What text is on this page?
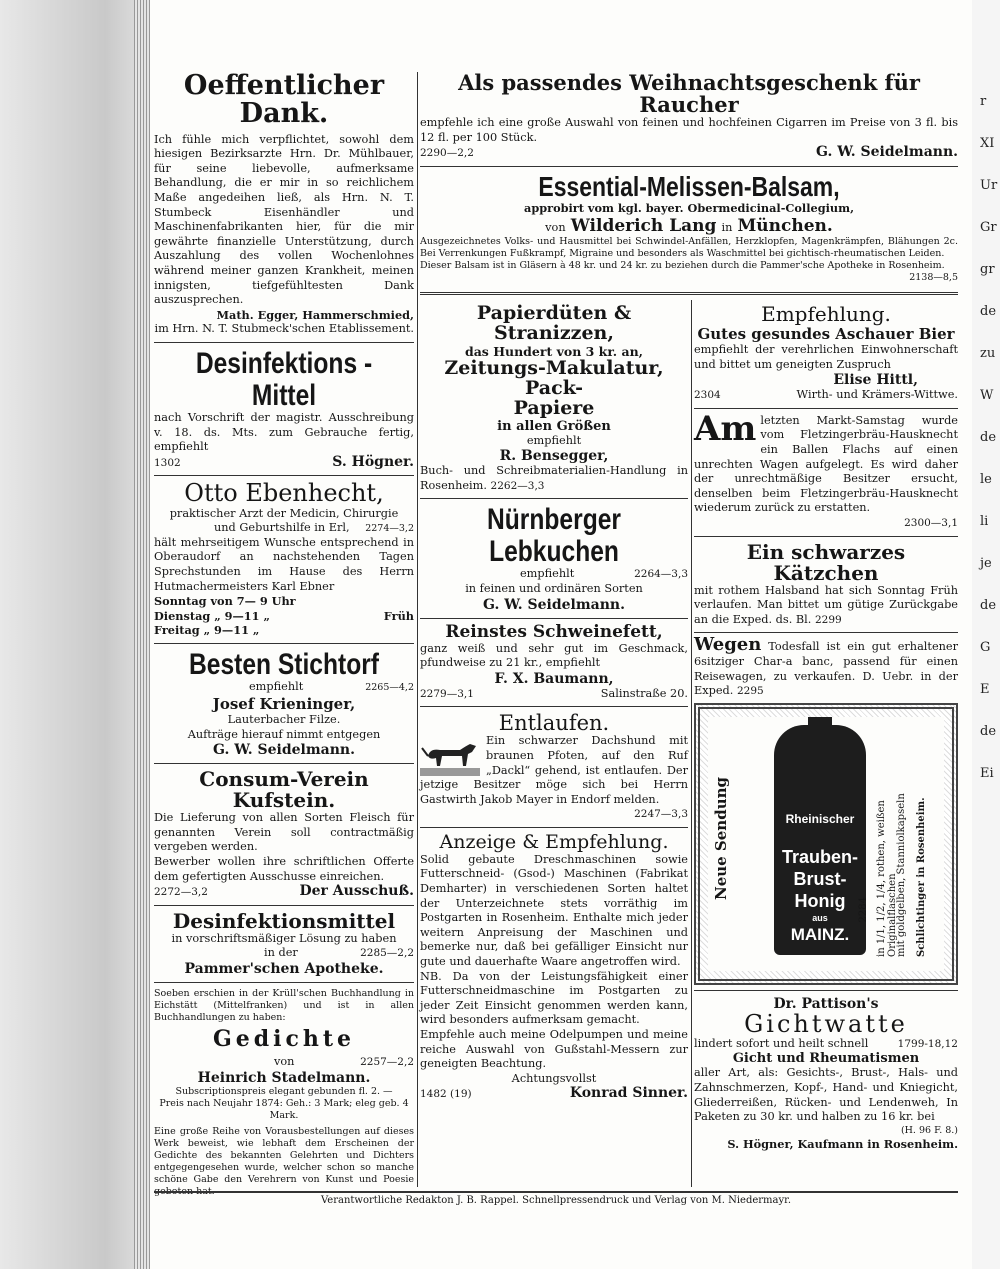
r
XI
Ur
Gr
gr
de
zu
W
de
le
li
je
de
G
E
de
Ei
Oeffentlicher Dank.
Ich fühle mich verpflichtet, sowohl dem hiesigen Bezirksarzte Hrn. Dr. Mühlbauer, für seine liebevolle, aufmerksame Behandlung, die er mir in so reichlichem Maße angedeihen ließ, als Hrn. N. T. Stumbeck Eisenhändler und Maschinenfabrikanten hier, für die mir gewährte finanzielle Unterstützung, durch Auszahlung des vollen Wochenlohnes während meiner ganzen Krankheit, meinen innigsten, tiefgefühltesten Dank auszusprechen.
Math. Egger, Hammerschmied,
im Hrn. N. T. Stubmeck'schen Etablissement.
Desinfektions - Mittel
nach Vorschrift der magistr. Ausschreibung v. 18. ds. Mts. zum Gebrauche fertig, empfiehlt
1302	S. Högner.
Otto Ebenhecht,
praktischer Arzt der Medicin, Chirurgie
und Geburtshilfe in Erl, 2274—3,2
hält mehrseitigem Wunsche entsprechend in Oberaudorf an nachstehenden Tagen Sprechstunden im Hause des Herrn Hutmachermeisters Karl Ebner
Sonntag von 7— 9 Uhr
Dienstag „ 9—11 „	Früh
Freitag „ 9—11 „
Besten Stichtorf
empfiehlt	2265—4,2
Josef Krieninger,
Lauterbacher Filze.
Aufträge hierauf nimmt entgegen
G. W. Seidelmann.
Consum-Verein Kufstein.
Die Lieferung von allen Sorten Fleisch für genannten Verein soll contractmäßig vergeben werden.
Bewerber wollen ihre schriftlichen Offerte dem gefertigten Ausschusse einreichen.
2272—3,2	Der Ausschuß.
Desinfektionsmittel
in vorschriftsmäßiger Lösung zu haben
in der	2285—2,2
Pammer'schen Apotheke.
Soeben erschien in der Krüll'schen Buchhandlung in Eichstätt (Mittelfranken) und ist in allen Buchhandlungen zu haben:
Gedichte
von	2257—2,2
Heinrich Stadelmann.
Subscriptionspreis elegant gebunden fl. 2. —
Preis nach Neujahr 1874: Geh.: 3 Mark; eleg geb. 4 Mark.
Eine große Reihe von Vorausbestellungen auf dieses Werk beweist, wie lebhaft dem Erscheinen der Gedichte des bekannten Gelehrten und Dichters entgegengesehen wurde, welcher schon so manche schöne Gabe den Verehrern von Kunst und Poesie geboten hat.
Als passendes Weihnachtsgeschenk für Raucher
empfehle ich eine große Auswahl von feinen und hochfeinen Cigarren im Preise von 3 fl. bis 12 fl. per 100 Stück.
2290—2,2	G. W. Seidelmann.
Essential-Melissen-Balsam,
approbirt vom kgl. bayer. Obermedicinal-Collegium,
von Wilderich Lang in München.
Ausgezeichnetes Volks- und Hausmittel bei Schwindel-Anfällen, Herzklopfen, Magenkrämpfen, Blähungen 2c. Bei Verrenkungen Fußkrampf, Migraine und besonders als Waschmittel bei gichtisch-rheumatischen Leiden.
Dieser Balsam ist in Gläsern à 48 kr. und 24 kr. zu beziehen durch die Pammer'sche Apotheke in Rosenheim.
2138—8,5
Papierdüten & Stranizzen,
das Hundert von 3 kr. an,
Zeitungs-Makulatur, Pack-
Papiere
in allen Größen
empfiehlt
R. Bensegger,
Buch- und Schreibmaterialien-Handlung in Rosenheim. 2262—3,3
Nürnberger Lebkuchen
empfiehlt	2264—3,3
in feinen und ordinären Sorten
G. W. Seidelmann.
Reinstes Schweinefett,
ganz weiß und sehr gut im Geschmack, pfundweise zu 21 kr., empfiehlt
F. X. Baumann,
2279—3,1	Salinstraße 20.
Entlaufen.
Ein schwarzer Dachshund mit braunen Pfoten, auf den Ruf „Dackl“ gehend, ist entlaufen. Der jetzige Besitzer möge sich bei Herrn Gastwirth Jakob Mayer in Endorf melden.
2247—3,3
Anzeige & Empfehlung.
Solid gebaute Dreschmaschinen sowie Futterschneid- (Gsod-) Maschinen (Fabrikat Demharter) in verschiedenen Sorten haltet der Unterzeichnete stets vorräthig im Postgarten in Rosenheim. Enthalte mich jeder weitern Anpreisung der Maschinen und bemerke nur, daß bei gefälliger Einsicht nur gute und dauerhafte Waare angetroffen wird.
NB. Da von der Leistungsfähigkeit einer Futterschneidmaschine im Postgarten zu jeder Zeit Einsicht genommen werden kann, wird besonders aufmerksam gemacht.
Empfehle auch meine Odelpumpen und meine reiche Auswahl von Gußstahl-Messern zur geneigten Beachtung.
Achtungsvollst
1482 (19)	Konrad Sinner.
Empfehlung.
Gutes gesundes Aschauer Bier
empfiehlt der verehrlichen Einwohnerschaft und bittet um geneigten Zuspruch
Elise Hittl,
2304	Wirth- und Krämers-Wittwe.
Am letzten Markt-Samstag wurde vom Fletzingerbräu-Hausknecht ein Ballen Flachs auf einen unrechten Wagen aufgelegt. Es wird daher der unrechtmäßige Besitzer ersucht, denselben beim Fletzingerbräu-Hausknecht wiederum zurück zu erstatten.
2300—3,1
Ein schwarzes Kätzchen
mit rothem Halsband hat sich Sonntag Früh verlaufen. Man bittet um gütige Zurückgabe an die Exped. ds. Bl. 2299
Wegen Todesfall ist ein gut erhaltener 6sitziger Char-a banc, passend für einen Reisewagen, zu verkaufen. D. Uebr. in der Exped. 2295
Neue Sendung	Rheinischer
Trauben-
Brust-
Honig
aus
MAINZ.	in 1/1, 1/2, 1/4, rothen, weißen Originalflaschen
mit goldgelben, Stanniolkapseln Schlichtinger in Rosenheim.
2284
Dr. Pattison's
Gichtwatte
lindert sofort und heilt schnell	1799-18,12
Gicht und Rheumatismen
aller Art, als: Gesichts-, Brust-, Hals- und Zahnschmerzen, Kopf-, Hand- und Kniegicht, Gliederreißen, Rücken- und Lendenweh, In Paketen zu 30 kr. und halben zu 16 kr. bei
(H. 96 F. 8.)
S. Högner, Kaufmann in Rosenheim.
Verantwortliche Redakton J. B. Rappel. Schnellpressendruck und Verlag von M. Niedermayr.
